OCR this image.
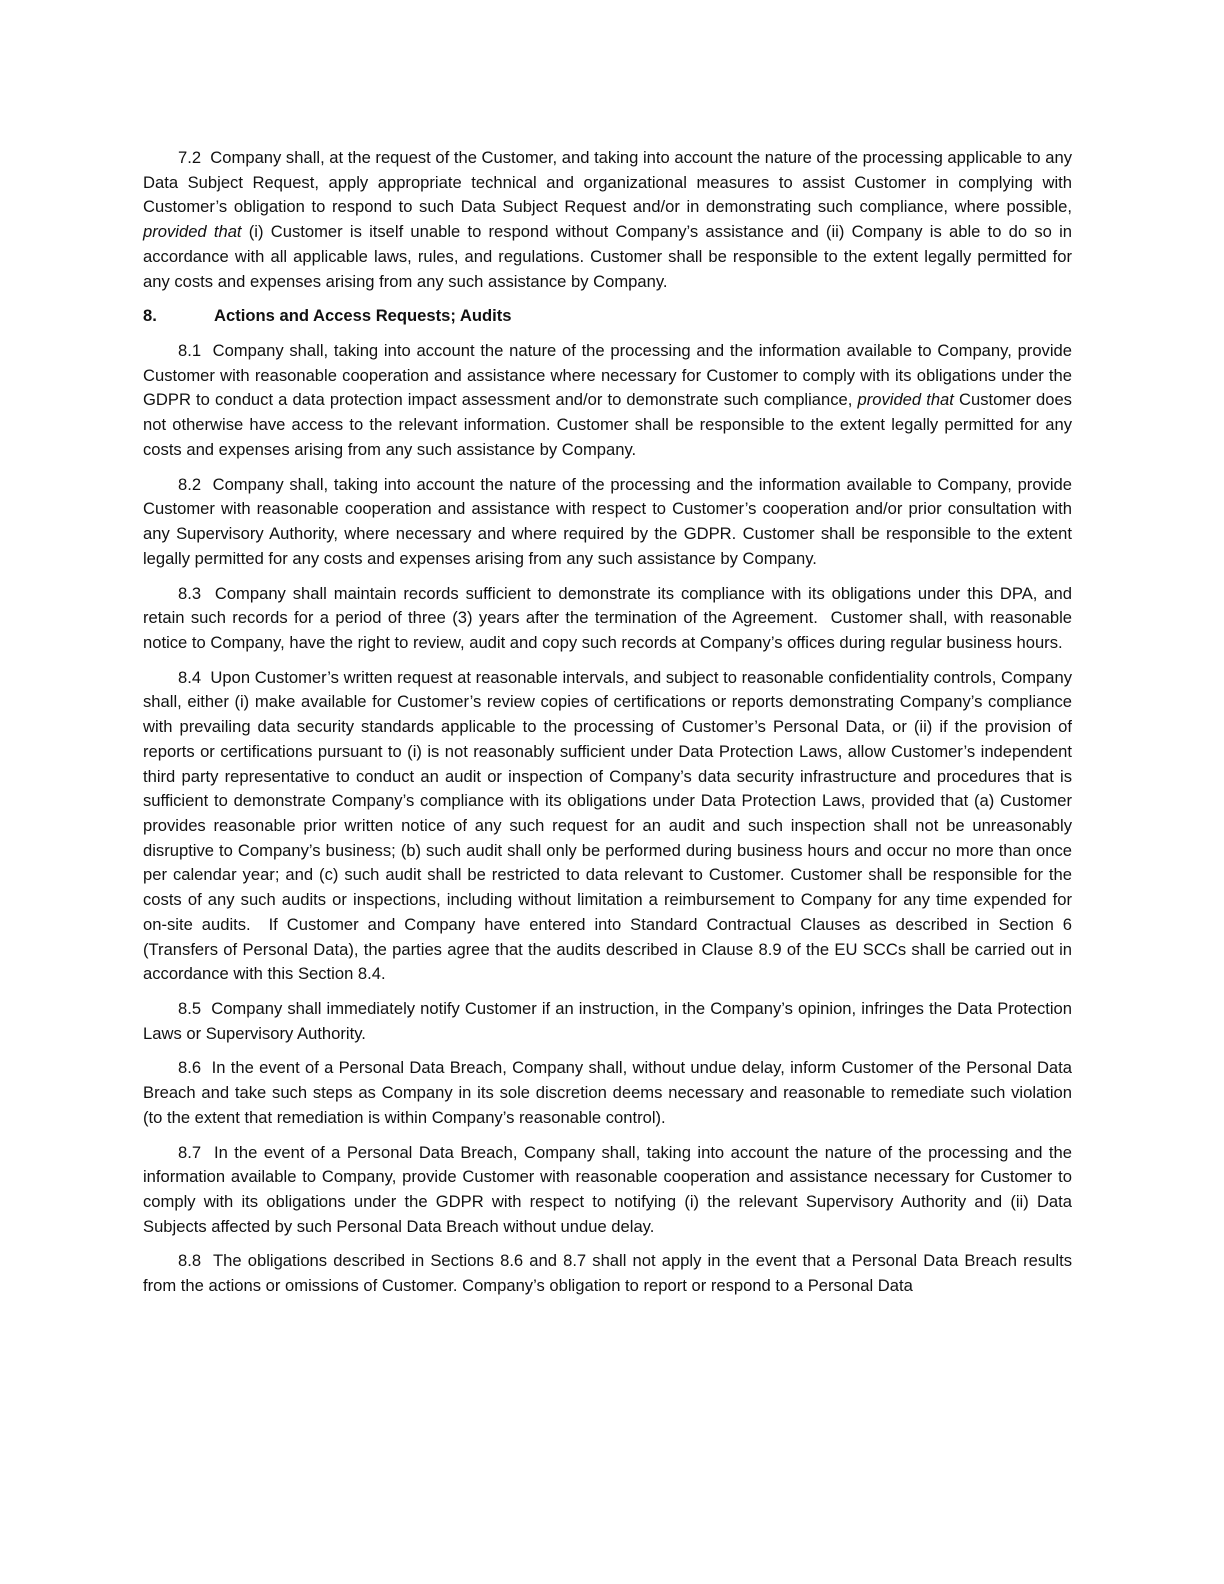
7.2  Company shall, at the request of the Customer, and taking into account the nature of the processing applicable to any Data Subject Request, apply appropriate technical and organizational measures to assist Customer in complying with Customer’s obligation to respond to such Data Subject Request and/or in demonstrating such compliance, where possible, provided that (i) Customer is itself unable to respond without Company’s assistance and (ii) Company is able to do so in accordance with all applicable laws, rules, and regulations. Customer shall be responsible to the extent legally permitted for any costs and expenses arising from any such assistance by Company.

8.	Actions and Access Requests; Audits

8.1  Company shall, taking into account the nature of the processing and the information available to Company, provide Customer with reasonable cooperation and assistance where necessary for Customer to comply with its obligations under the GDPR to conduct a data protection impact assessment and/or to demonstrate such compliance, provided that Customer does not otherwise have access to the relevant information. Customer shall be responsible to the extent legally permitted for any costs and expenses arising from any such assistance by Company.

8.2  Company shall, taking into account the nature of the processing and the information available to Company, provide Customer with reasonable cooperation and assistance with respect to Customer’s cooperation and/or prior consultation with any Supervisory Authority, where necessary and where required by the GDPR. Customer shall be responsible to the extent legally permitted for any costs and expenses arising from any such assistance by Company.

8.3  Company shall maintain records sufficient to demonstrate its compliance with its obligations under this DPA, and retain such records for a period of three (3) years after the termination of the Agreement.  Customer shall, with reasonable notice to Company, have the right to review, audit and copy such records at Company’s offices during regular business hours.

8.4  Upon Customer’s written request at reasonable intervals, and subject to reasonable confidentiality controls, Company shall, either (i) make available for Customer’s review copies of certifications or reports demonstrating Company’s compliance with prevailing data security standards applicable to the processing of Customer’s Personal Data, or (ii) if the provision of reports or certifications pursuant to (i) is not reasonably sufficient under Data Protection Laws, allow Customer’s independent third party representative to conduct an audit or inspection of Company’s data security infrastructure and procedures that is sufficient to demonstrate Company’s compliance with its obligations under Data Protection Laws, provided that (a) Customer provides reasonable prior written notice of any such request for an audit and such inspection shall not be unreasonably disruptive to Company’s business; (b) such audit shall only be performed during business hours and occur no more than once per calendar year; and (c) such audit shall be restricted to data relevant to Customer. Customer shall be responsible for the costs of any such audits or inspections, including without limitation a reimbursement to Company for any time expended for on-site audits.  If Customer and Company have entered into Standard Contractual Clauses as described in Section 6 (Transfers of Personal Data), the parties agree that the audits described in Clause 8.9 of the EU SCCs shall be carried out in accordance with this Section 8.4.

8.5  Company shall immediately notify Customer if an instruction, in the Company’s opinion, infringes the Data Protection Laws or Supervisory Authority.

8.6  In the event of a Personal Data Breach, Company shall, without undue delay, inform Customer of the Personal Data Breach and take such steps as Company in its sole discretion deems necessary and reasonable to remediate such violation (to the extent that remediation is within Company’s reasonable control).

8.7  In the event of a Personal Data Breach, Company shall, taking into account the nature of the processing and the information available to Company, provide Customer with reasonable cooperation and assistance necessary for Customer to comply with its obligations under the GDPR with respect to notifying (i) the relevant Supervisory Authority and (ii) Data Subjects affected by such Personal Data Breach without undue delay.

8.8  The obligations described in Sections 8.6 and 8.7 shall not apply in the event that a Personal Data Breach results from the actions or omissions of Customer. Company’s obligation to report or respond to a Personal Data
